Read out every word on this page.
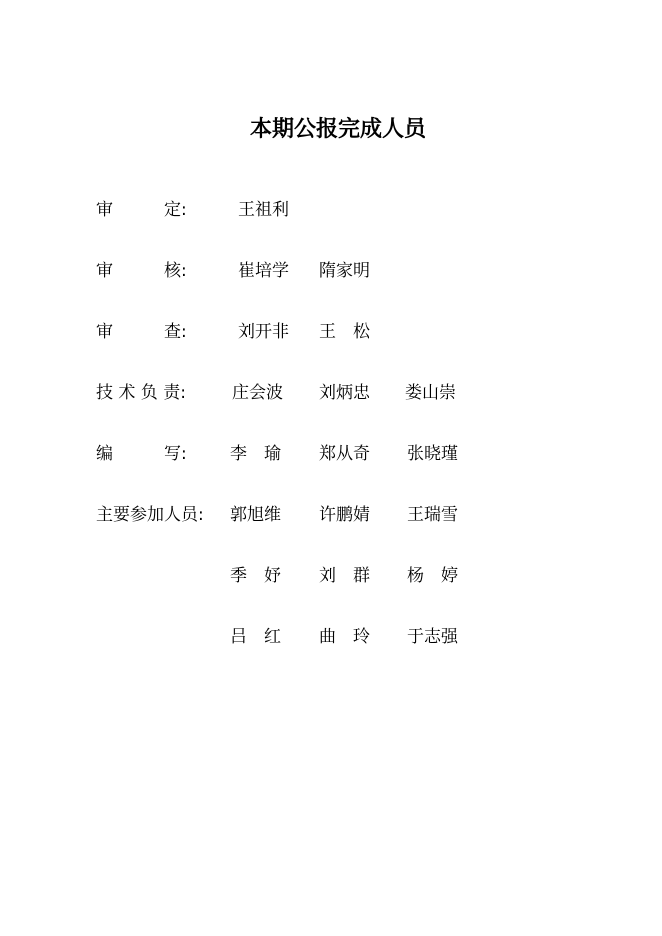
本期公报完成人员
审　　　定:	王祖利
审　　　核:	崔培学 隋家明
审　　　查:	刘开非 王　松
技 术 负 责:	庄会波 刘炳忠 娄山崇
编　　　写:	李　瑜 郑从奇 张晓瑾
主要参加人员:	郭旭维 许鹏婧 王瑞雪
季　妤 刘　群 杨　婷
吕　红 曲　玲 于志强
